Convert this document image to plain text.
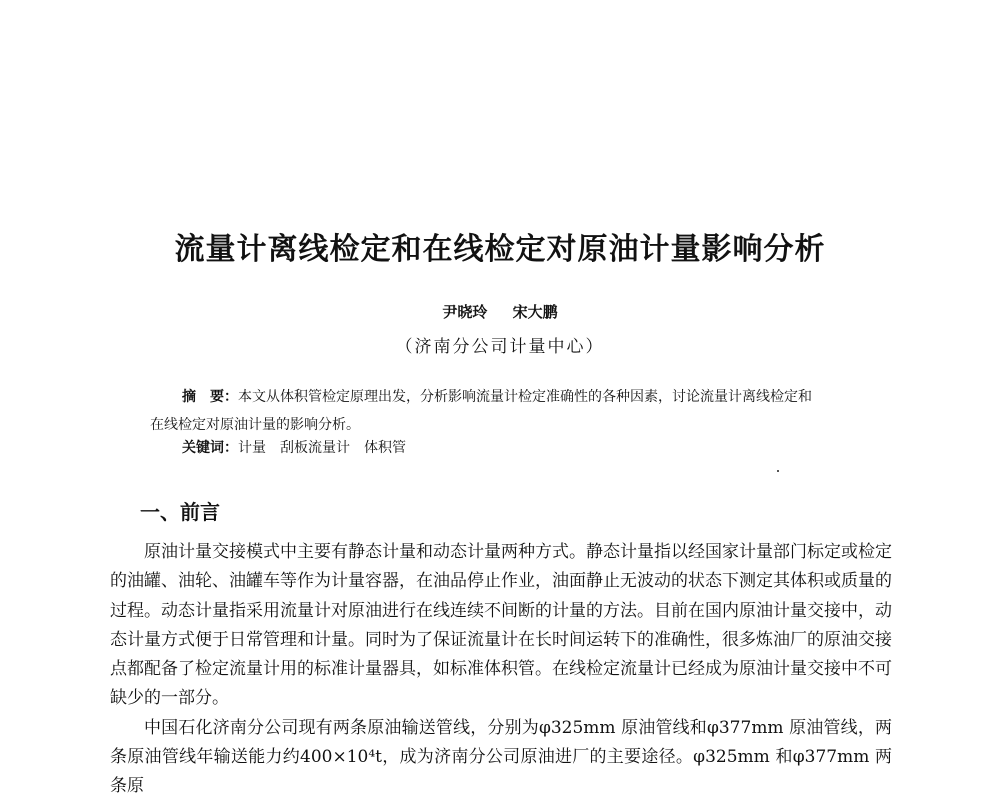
流量计离线检定和在线检定对原油计量影响分析
尹晓玲 宋大鹏
（济南分公司计量中心）
摘　要：本文从体积管检定原理出发，分析影响流量计检定准确性的各种因素，讨论流量计离线检定和
在线检定对原油计量的影响分析。
关键词：计量 刮板流量计 体积管
一、前言

原油计量交接模式中主要有静态计量和动态计量两种方式。静态计量指以经国家计量部门标定或检定的油罐、油轮、油罐车等作为计量容器，在油品停止作业，油面静止无波动的状态下测定其体积或质量的过程。动态计量指采用流量计对原油进行在线连续不间断的计量的方法。目前在国内原油计量交接中，动态计量方式便于日常管理和计量。同时为了保证流量计在长时间运转下的准确性，很多炼油厂的原油交接点都配备了检定流量计用的标准计量器具，如标准体积管。在线检定流量计已经成为原油计量交接中不可缺少的一部分。

中国石化济南分公司现有两条原油输送管线，分别为φ325mm 原油管线和φ377mm 原油管线，两条原油管线年输送能力约400×10⁴t，成为济南分公司原油进厂的主要途径。φ325mm 和φ377mm 两条原
